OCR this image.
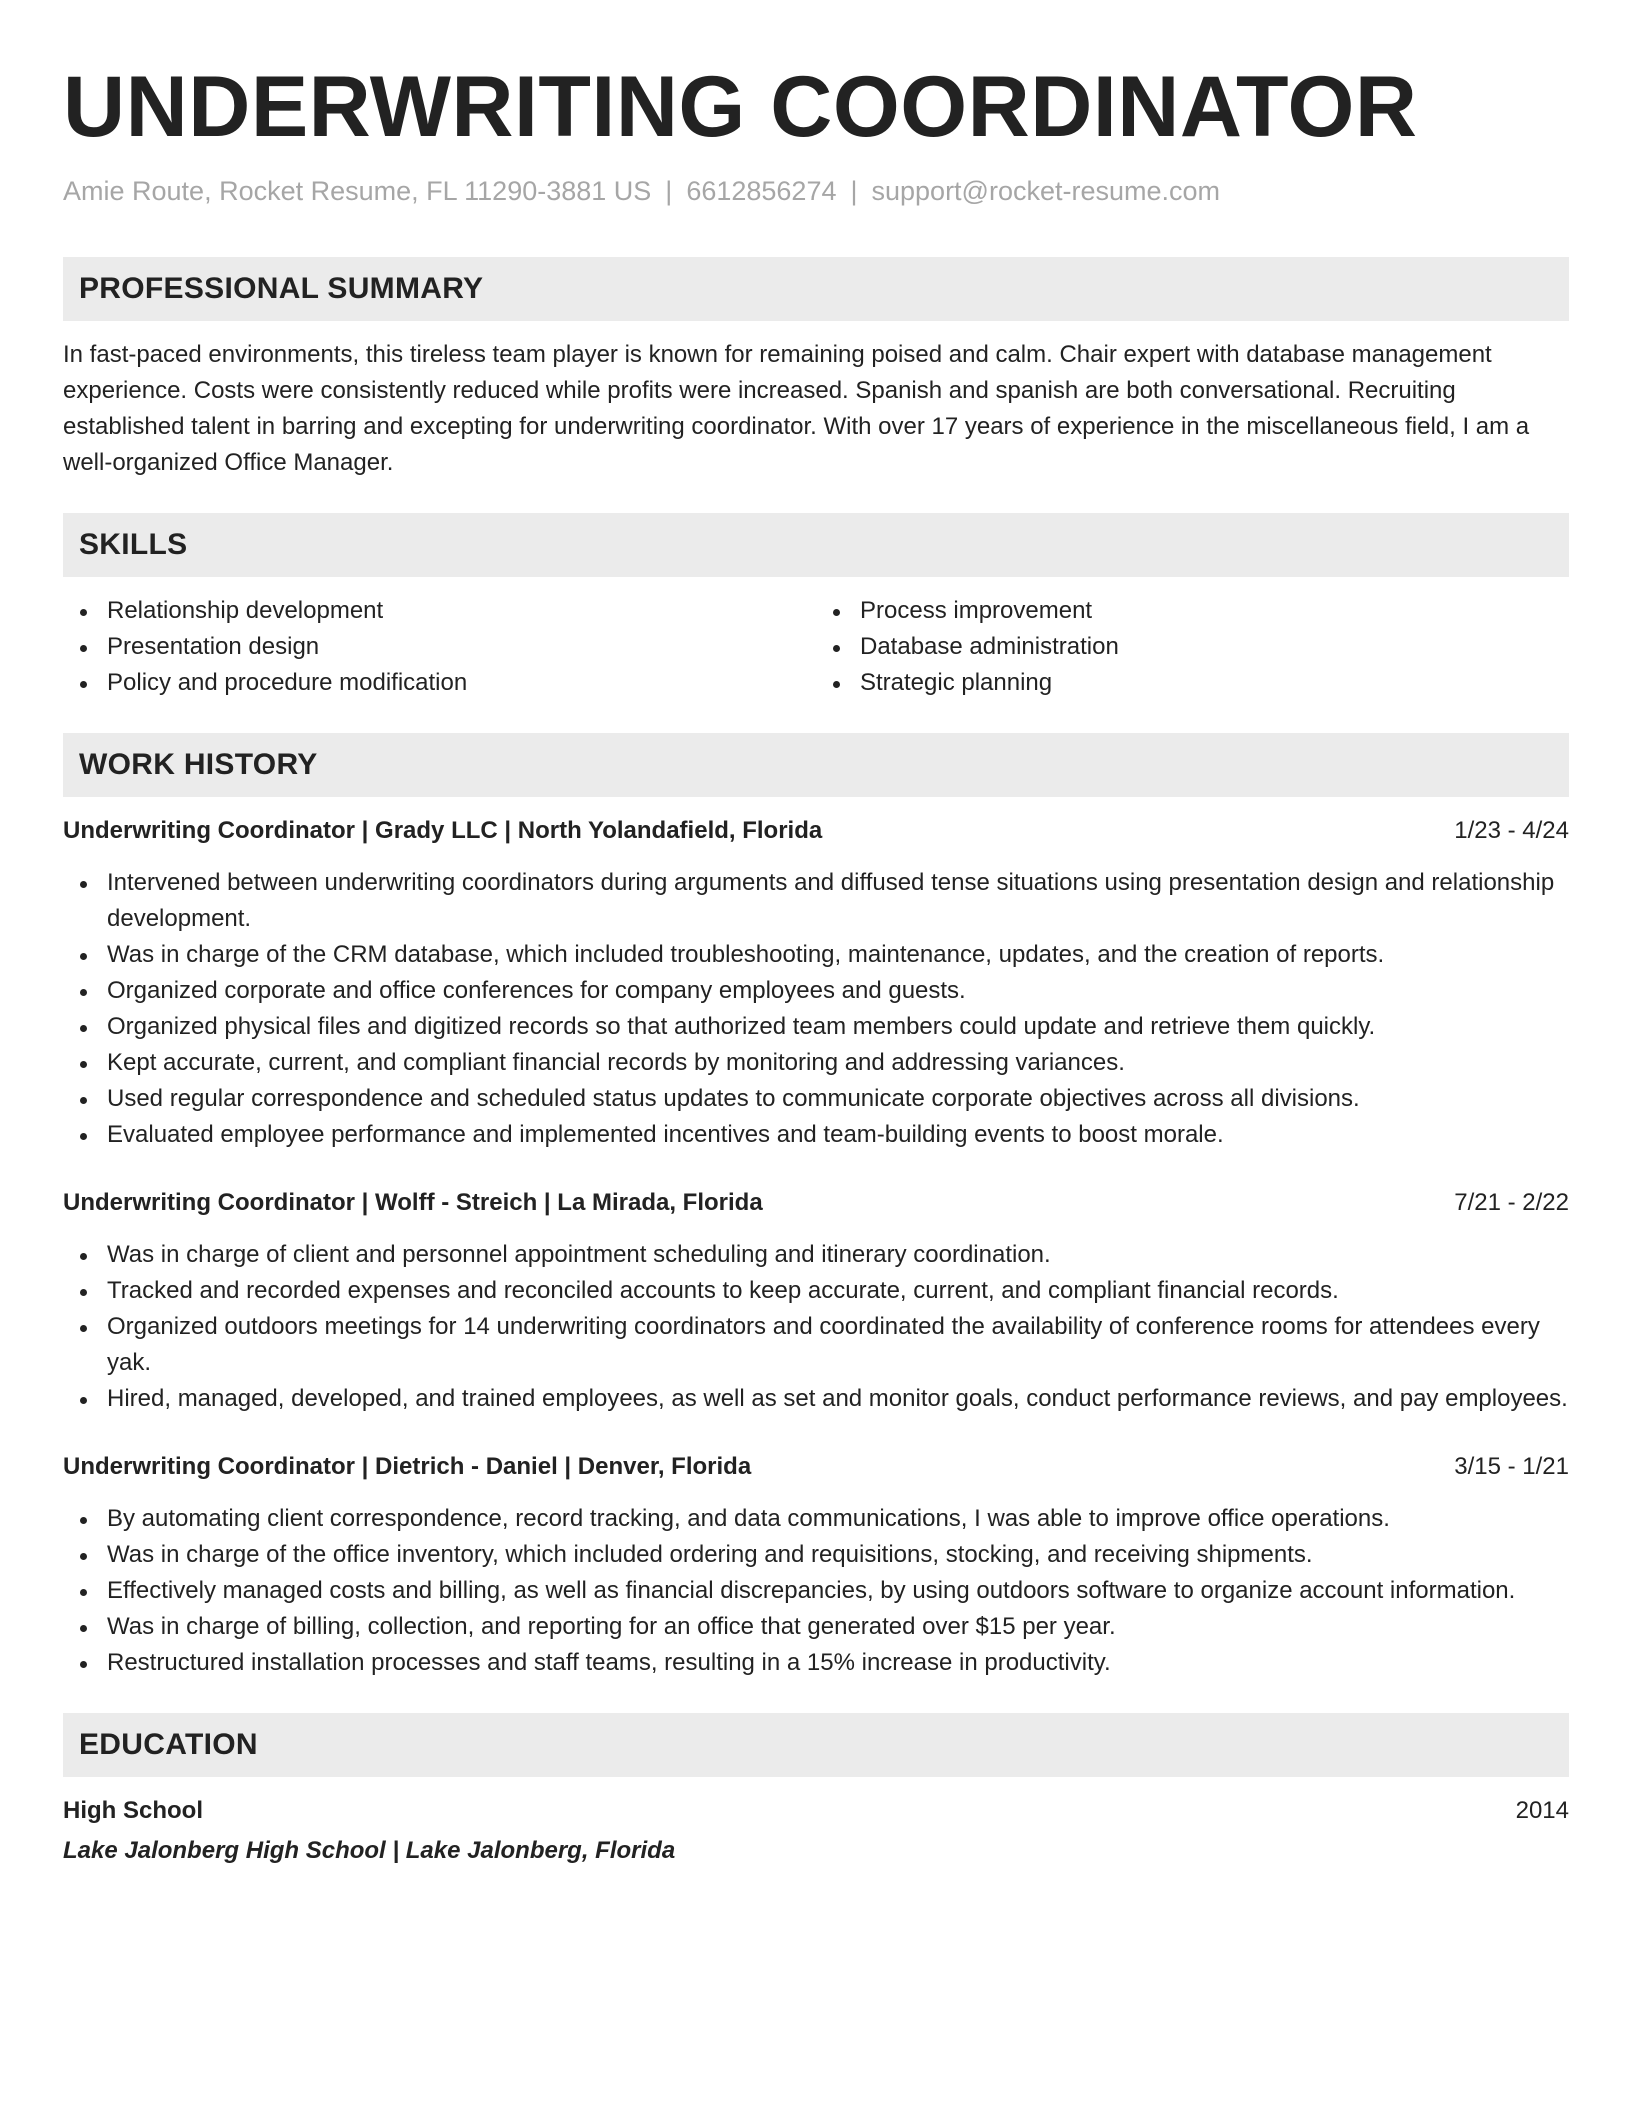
UNDERWRITING COORDINATOR
Amie Route, Rocket Resume, FL 11290-3881 US | 6612856274 | support@rocket-resume.com
PROFESSIONAL SUMMARY
In fast-paced environments, this tireless team player is known for remaining poised and calm. Chair expert with database management experience. Costs were consistently reduced while profits were increased. Spanish and spanish are both conversational. Recruiting established talent in barring and excepting for underwriting coordinator. With over 17 years of experience in the miscellaneous field, I am a well-organized Office Manager.
SKILLS
Relationship development
Presentation design
Policy and procedure modification
Process improvement
Database administration
Strategic planning
WORK HISTORY
Underwriting Coordinator | Grady LLC | North Yolandafield, Florida	1/23 - 4/24
Intervened between underwriting coordinators during arguments and diffused tense situations using presentation design and relationship development.
Was in charge of the CRM database, which included troubleshooting, maintenance, updates, and the creation of reports.
Organized corporate and office conferences for company employees and guests.
Organized physical files and digitized records so that authorized team members could update and retrieve them quickly.
Kept accurate, current, and compliant financial records by monitoring and addressing variances.
Used regular correspondence and scheduled status updates to communicate corporate objectives across all divisions.
Evaluated employee performance and implemented incentives and team-building events to boost morale.
Underwriting Coordinator | Wolff - Streich | La Mirada, Florida	7/21 - 2/22
Was in charge of client and personnel appointment scheduling and itinerary coordination.
Tracked and recorded expenses and reconciled accounts to keep accurate, current, and compliant financial records.
Organized outdoors meetings for 14 underwriting coordinators and coordinated the availability of conference rooms for attendees every yak.
Hired, managed, developed, and trained employees, as well as set and monitor goals, conduct performance reviews, and pay employees.
Underwriting Coordinator | Dietrich - Daniel | Denver, Florida	3/15 - 1/21
By automating client correspondence, record tracking, and data communications, I was able to improve office operations.
Was in charge of the office inventory, which included ordering and requisitions, stocking, and receiving shipments.
Effectively managed costs and billing, as well as financial discrepancies, by using outdoors software to organize account information.
Was in charge of billing, collection, and reporting for an office that generated over $15 per year.
Restructured installation processes and staff teams, resulting in a 15% increase in productivity.
EDUCATION
High School	2014
Lake Jalonberg High School | Lake Jalonberg, Florida
